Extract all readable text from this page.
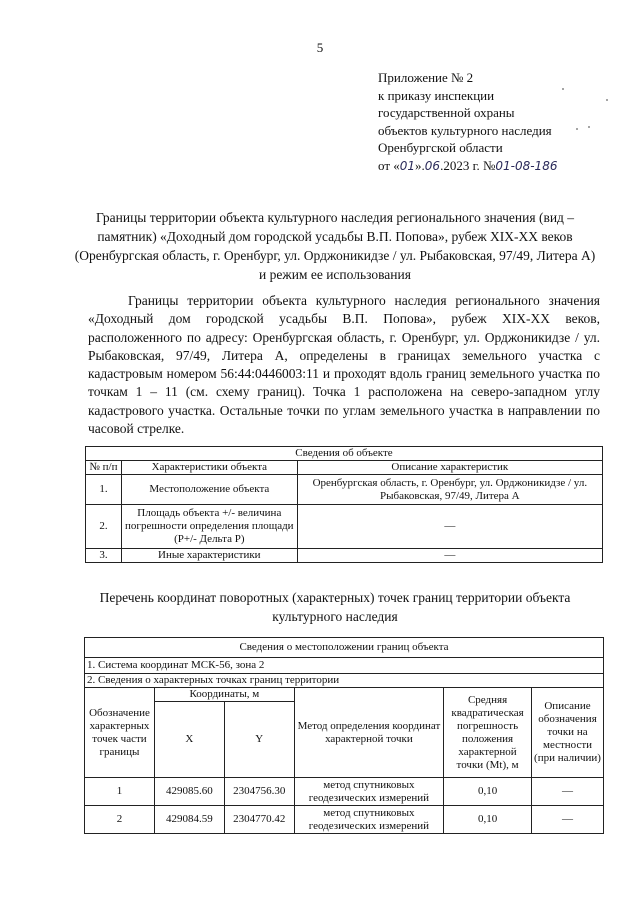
5
Приложение № 2
к приказу инспекции
государственной охраны
объектов культурного наследия
Оренбургской области
от «01».06.2023 г. №01-08-186
Границы территории объекта культурного наследия регионального значения (вид – памятник) «Доходный дом городской усадьбы В.П. Попова», рубеж XIX-XX веков (Оренбургская область, г. Оренбург, ул. Орджоникидзе / ул. Рыбаковская, 97/49, Литера А) и режим ее использования
Границы территории объекта культурного наследия регионального значения «Доходный дом городской усадьбы В.П. Попова», рубеж XIX-XX веков, расположенного по адресу: Оренбургская область, г. Оренбург, ул. Орджоникидзе / ул. Рыбаковская, 97/49, Литера А, определены в границах земельного участка с кадастровым номером 56:44:0446003:11 и проходят вдоль границ земельного участка по точкам 1 – 11 (см. схему границ). Точка 1 расположена на северо-западном углу кадастрового участка. Остальные точки по углам земельного участка в направлении по часовой стрелке.
Сведения об объекте		
№ п/п	Характеристики объекта	Описание характеристик
1.	Местоположение объекта	Оренбургская область, г. Оренбург, ул. Орджоникидзе / ул. Рыбаковская, 97/49, Литера А
2.	Площадь объекта +/- величина погрешности определения площади (Р+/- Дельта Р)	—
3.	Иные характеристики	—
Перечень координат поворотных (характерных) точек границ территории объекта культурного наследия
Сведения о местоположении границ объекта					
1. Система координат МСК-56, зона 2					
2. Сведения о характерных точках границ территории					
Обозначение характерных точек части границы	Координаты, м		Метод определения координат характерной точки	Средняя квадратическая погрешность положения характерной точки (Мt), м	Описание обозначения точки на местности (при наличии)
	X	Y			
1	429085.60	2304756.30	метод спутниковых геодезических измерений	0,10	—
2	429084.59	2304770.42	метод спутниковых геодезических измерений	0,10	—
